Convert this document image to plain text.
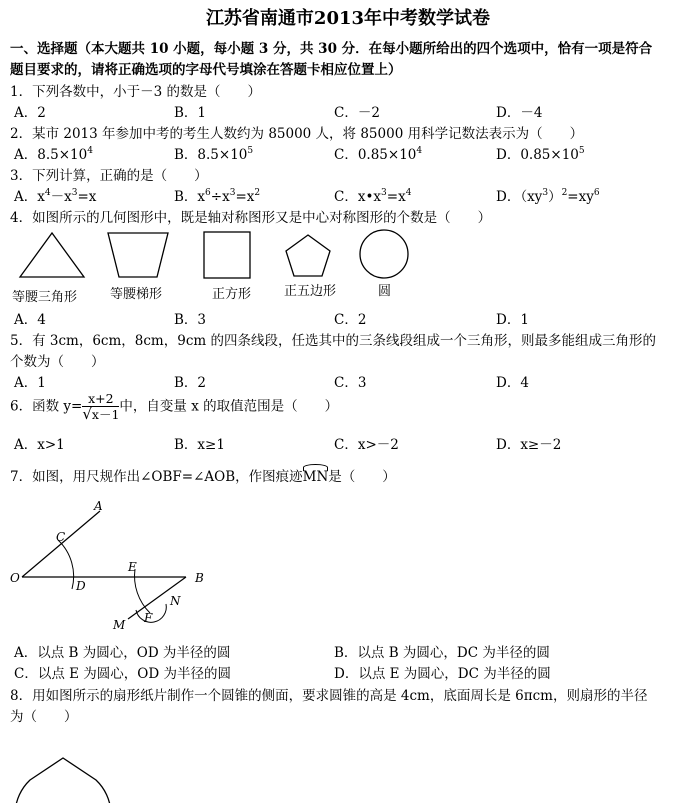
江苏省南通市2013年中考数学试卷
一、选择题（本大题共 10 小题，每小题 3 分，共 30 分．在每小题所给出的四个选项中，恰有一项是符合
题目要求的，请将正确选项的字母代号填涂在答题卡相应位置上）
1．下列各数中，小于－3 的数是（　　）
A．2	B．1	C．－2	D．－4
2．某市 2013 年参加中考的考生人数约为 85000 人，将 85000 用科学记数法表示为（　　）
A．$8.5\times 10^4$	B．$8.5\times 10^5$	C．$0.85\times 10^4$	D．$0.85\times 10^5$
3．下列计算，正确的是（　　）
A．$x^4-x^3=x$	B．$x^6\div x^3=x^2$	C．$x•x^3=x^4$	D．$(xy^3)^2=xy^6$
4．如图所示的几何图形中，既是轴对称图形又是中心对称图形的个数是（　　）
等腰三角形	等腰梯形	正方形	正五边形	圆
A．4	B．3	C．2	D．1
5．有 3cm，6cm，8cm，9cm 的四条线段，任选其中的三条线段组成一个三角形，则最多能组成三角形的
个数为（　　）
A．1	B．2	C．3	D．4
6．函数 $y= \frac{x+2}{√x-1}$ 中，自变量 x 的取值范围是（　　）
A．x>1	B．x≥1	C．x>－2	D．x≥－2
7．如图，用尺规作出∠OBF=∠AOB，作图痕迹
MN是（　　）
A
C
O
D
E
B
N
F
M
A．以点 B 为圆心，OD 为半径的圆	B．以点 B 为圆心，DC 为半径的圆
C．以点 E 为圆心，OD 为半径的圆	D．以点 E 为圆心，DC 为半径的圆
8．用如图所示的扇形纸片制作一个圆锥的侧面，要求圆锥的高是 4cm，底面周长是 6πcm，则扇形的半径
为（　　）
